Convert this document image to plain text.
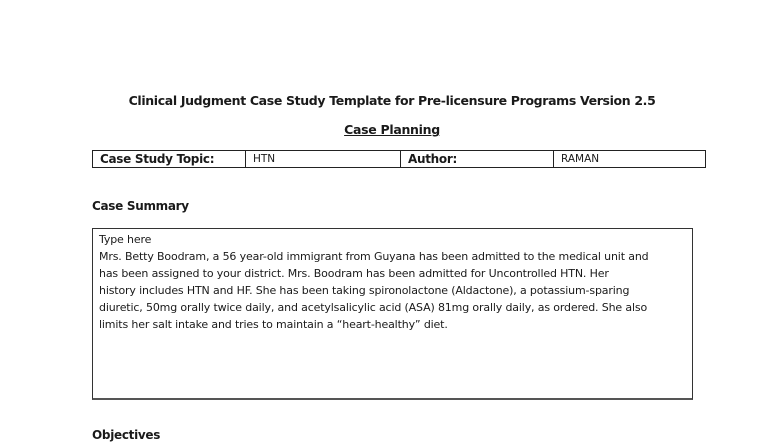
Clinical Judgment Case Study Template for Pre-licensure Programs Version 2.5
Case Planning
Case Study Topic:	HTN	Author:	RAMAN
Case Summary

Type here

Mrs. Betty Boodram, a 56 year-old immigrant from Guyana has been admitted to the medical unit and

has been assigned to your district. Mrs. Boodram has been admitted for Uncontrolled HTN. Her

history includes HTN and HF. She has been taking spironolactone (Aldactone), a potassium-sparing

diuretic, 50mg orally twice daily, and acetylsalicylic acid (ASA) 81mg orally daily, as ordered. She also

limits her salt intake and tries to maintain a “heart-healthy” diet.

Objectives
